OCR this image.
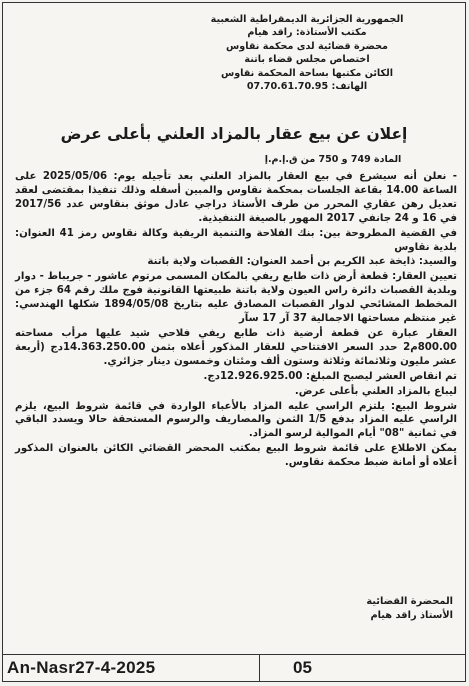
الجمهورية الجزائرية الديمقراطية الشعبية
مكتب الأستاذة: راقد هيام
محضرة قضائية لدى محكمة نقاوس
اختصاص مجلس قضاء باتنة
الكائن مكتبها بساحة المحكمة نقاوس
الهاتف: 07.70.61.70.95
إعلان عن بيع عقار بالمزاد العلني بأعلى عرض
المادة 749 و 750 من ق.إ.م.إ

- نعلن أنه سيشرع في بيع العقار بالمزاد العلني بعد تأجيله يوم: 2025/05/06 على الساعة 14.00 بقاعة الجلسات بمحكمة نقاوس والمبين أسفله وذلك تنفيذا بمقتضى لعقد تعديل رهن عقاري المحرر من طرف الأستاذ دراجي عادل موثق بنقاوس عدد 2017/56 في 16 و 24 جانفي 2017 المهور بالصيغة التنفيذية.

في القضية المطروحة بين: بنك الفلاحة والتنمية الريفية وكالة نقاوس رمز 41 العنوان: بلدية نقاوس

والسيد: ذايخة عبد الكريم بن أحمد العنوان: القصبات ولاية باتنة

تعيين العقار: قطعة أرض ذات طابع ريفي بالمكان المسمى مرتوم عاشور - جريباط - دوار وبلدية القصبات دائرة راس العيون ولاية باتنة طبيعتها القانونية فوج ملك رقم 64 جزء من المخطط المشائحي لدوار القصبات المصادق عليه بتاريخ 1894/05/08 شكلها الهندسي: غير منتظم مساحتها الاجمالية 37 آر 17 سآر

العقار عبارة عن قطعة أرضية ذات طابع ريفي فلاحي شيد عليها مرأب مساحته 800.00م2 حدد السعر الافتتاحي للعقار المذكور أعلاه بثمن 14.363.250.00دج (أربعة عشر مليون وثلاثمائة وثلاثة وستون ألف ومئتان وخمسون دينار جزائري.

تم انقاص العشر ليصبح المبلغ: 12.926.925.00دج.

ليباع بالمزاد العلني بأعلى عرض.

شروط البيع: يلتزم الراسي عليه المزاد بالأعباء الواردة في قائمة شروط البيع، يلزم الراسي عليه المزاد بدفع 1/5 الثمن والمصاريف والرسوم المستحقة حالا ويسدد الباقي في ثمانية "08" أيام الموالية لرسو المزاد.

يمكن الاطلاع على قائمة شروط البيع بمكتب المحضر القضائي الكائن بالعنوان المذكور أعلاه أو أمانة ضبط محكمة نقاوس.

المحضرة القضائية
الأستاذ راقد هيام
An-Nasr27-4-2025	05
